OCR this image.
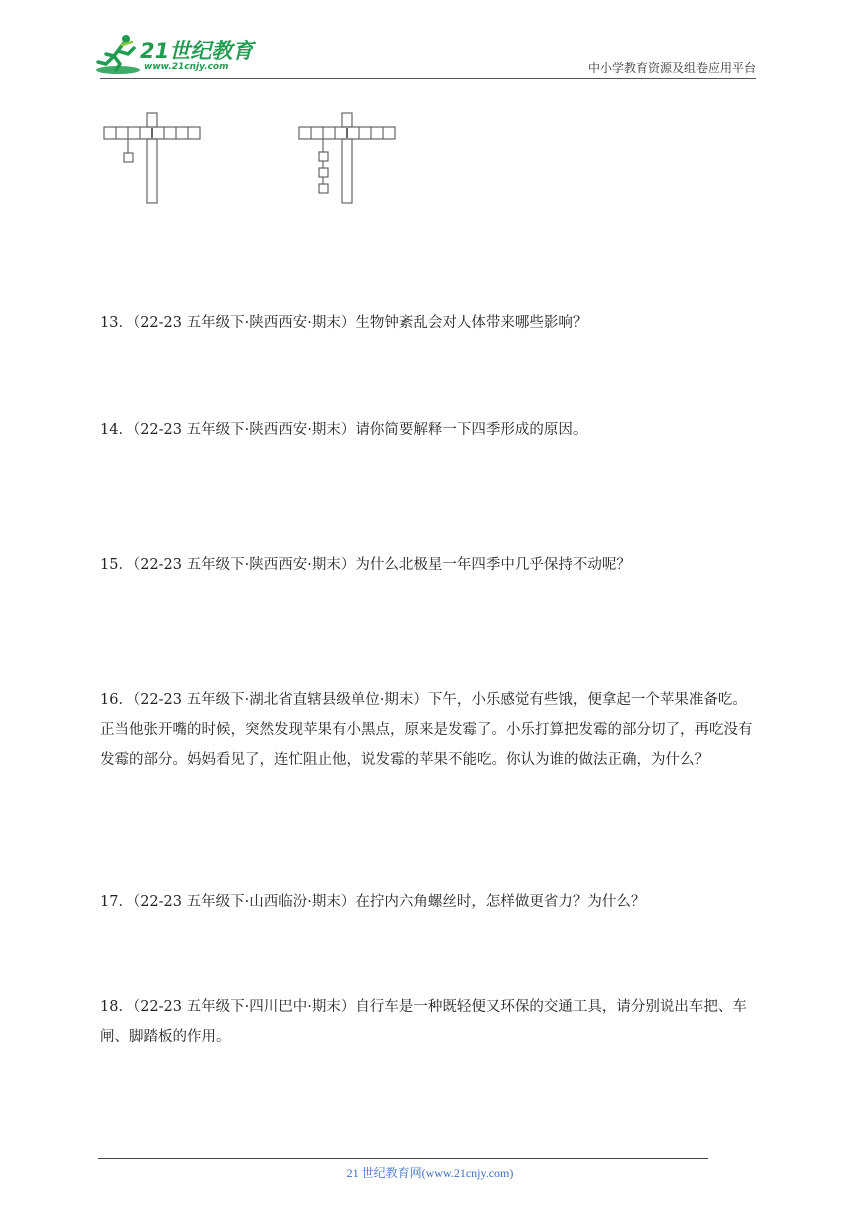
21世纪教育
www.21cnjy.com	中小学教育资源及组卷应用平台
13．（22-23 五年级下·陕西西安·期末）生物钟紊乱会对人体带来哪些影响？
14．（22-23 五年级下·陕西西安·期末）请你简要解释一下四季形成的原因。
15．（22-23 五年级下·陕西西安·期末）为什么北极星一年四季中几乎保持不动呢？
16．（22-23 五年级下·湖北省直辖县级单位·期末）下午，小乐感觉有些饿，便拿起一个苹果准备吃。正当他张开嘴的时候，突然发现苹果有小黑点，原来是发霉了。小乐打算把发霉的部分切了，再吃没有发霉的部分。妈妈看见了，连忙阻止他，说发霉的苹果不能吃。你认为谁的做法正确，为什么？
17．（22-23 五年级下·山西临汾·期末）在拧内六角螺丝时，怎样做更省力？为什么？
18．（22-23 五年级下·四川巴中·期末）自行车是一种既轻便又环保的交通工具，请分别说出车把、车闸、脚踏板的作用。
21 世纪教育网(www.21cnjy.com)
